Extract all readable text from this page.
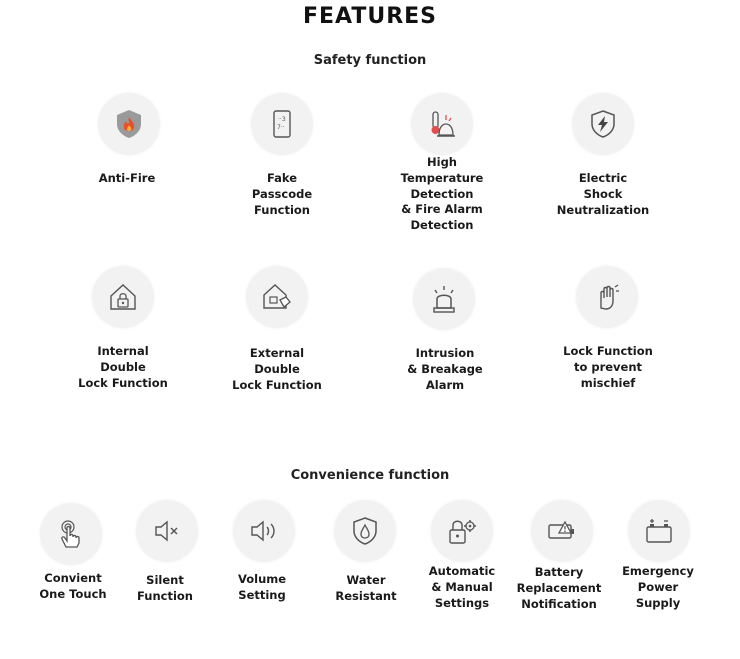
FEATURES
Safety function
Anti-Fire
··3
7··
Fake
Passcode
Function
High
Temperature
Detection
& Fire Alarm
Detection
Electric
Shock
Neutralization
Internal
Double
Lock Function
External
Double
Lock Function
Intrusion
& Breakage
Alarm
Lock Function
to prevent
mischief
Convenience function
Convient
One Touch
Silent
Function
Volume
Setting
Water
Resistant
Automatic
& Manual
Settings
Battery
Replacement
Notification
Emergency
Power
Supply
